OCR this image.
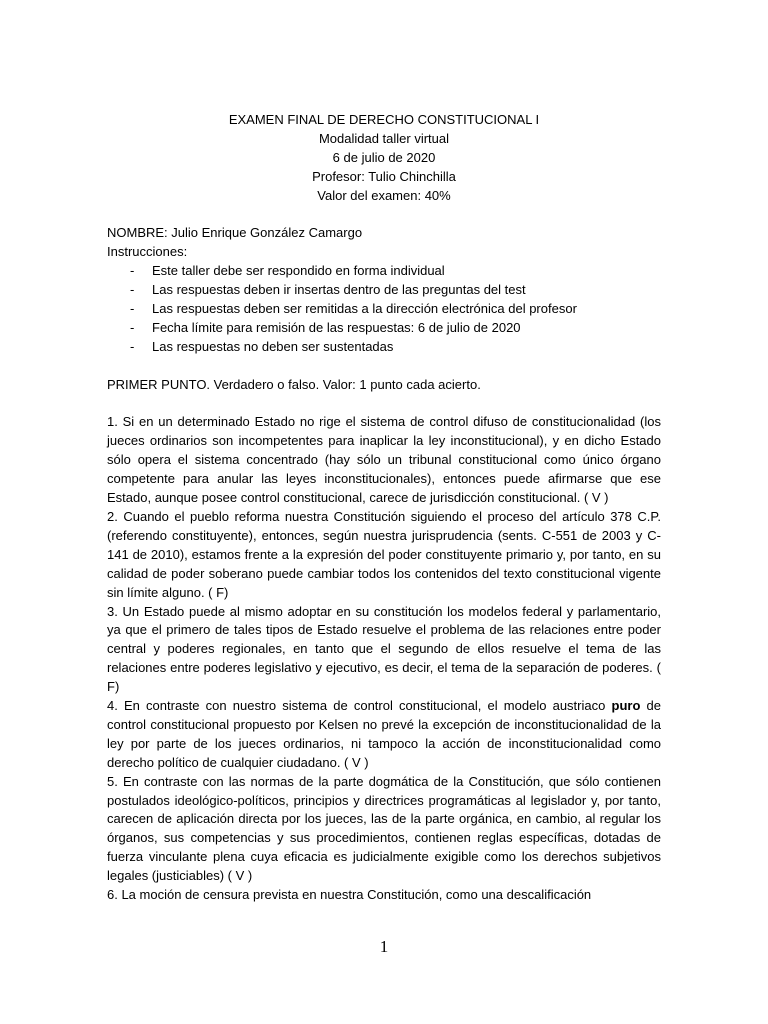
EXAMEN FINAL DE DERECHO CONSTITUCIONAL I
Modalidad taller virtual
6 de julio de 2020
Profesor: Tulio Chinchilla
Valor del examen: 40%
NOMBRE: Julio Enrique González Camargo
Instrucciones:
- Este taller debe ser respondido en forma individual
- Las respuestas deben ir insertas dentro de las preguntas del test
- Las respuestas deben ser remitidas a la dirección electrónica del profesor
- Fecha límite para remisión de las respuestas: 6 de julio de 2020
- Las respuestas no deben ser sustentadas
PRIMER PUNTO. Verdadero o falso. Valor: 1 punto cada acierto.

1. Si en un determinado Estado no rige el sistema de control difuso de constitucionalidad (los jueces ordinarios son incompetentes para inaplicar la ley inconstitucional), y en dicho Estado sólo opera el sistema concentrado (hay sólo un tribunal constitucional como único órgano competente para anular las leyes inconstitucionales), entonces puede afirmarse que ese Estado, aunque posee control constitucional, carece de jurisdicción constitucional. ( V )

2. Cuando el pueblo reforma nuestra Constitución siguiendo el proceso del artículo 378 C.P. (referendo constituyente), entonces, según nuestra jurisprudencia (sents. C-551 de 2003 y C-141 de 2010), estamos frente a la expresión del poder constituyente primario y, por tanto, en su calidad de poder soberano puede cambiar todos los contenidos del texto constitucional vigente sin límite alguno. ( F)

3. Un Estado puede al mismo adoptar en su constitución los modelos federal y parlamentario, ya que el primero de tales tipos de Estado resuelve el problema de las relaciones entre poder central y poderes regionales, en tanto que el segundo de ellos resuelve el tema de las relaciones entre poderes legislativo y ejecutivo, es decir, el tema de la separación de poderes. ( F)

4. En contraste con nuestro sistema de control constitucional, el modelo austriaco puro de control constitucional propuesto por Kelsen no prevé la excepción de inconstitucionalidad de la ley por parte de los jueces ordinarios, ni tampoco la acción de inconstitucionalidad como derecho político de cualquier ciudadano. ( V )

5. En contraste con las normas de la parte dogmática de la Constitución, que sólo contienen postulados ideológico-políticos, principios y directrices programáticas al legislador y, por tanto, carecen de aplicación directa por los jueces, las de la parte orgánica, en cambio, al regular los órganos, sus competencias y sus procedimientos, contienen reglas específicas, dotadas de fuerza vinculante plena cuya eficacia es judicialmente exigible como los derechos subjetivos legales (justiciables) ( V )

6. La moción de censura prevista en nuestra Constitución, como una descalificación

1
